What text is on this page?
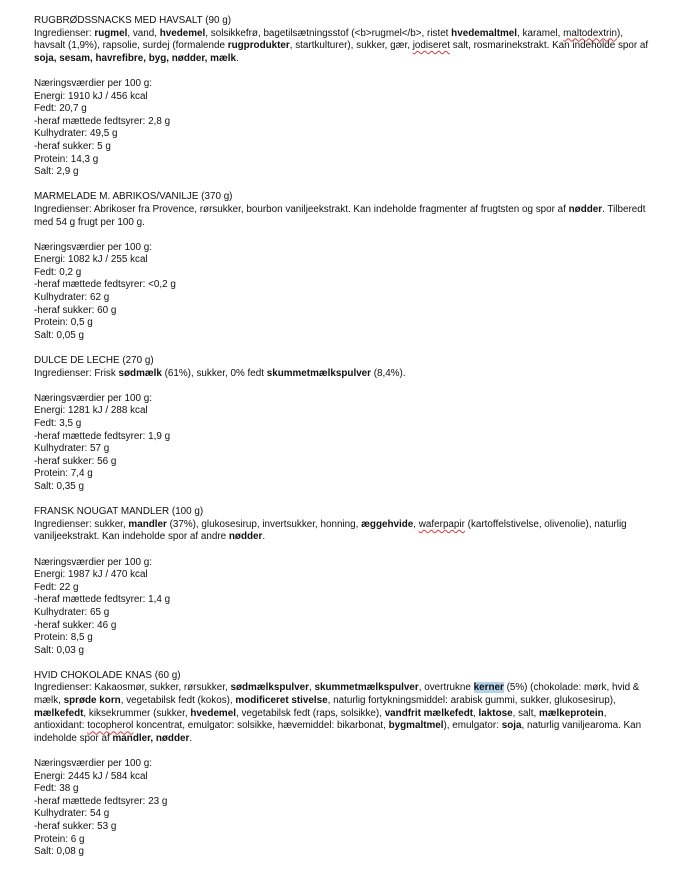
RUGBRØDSSNACKS MED HAVSALT (90 g)
Ingredienser: rugmel, vand, hvedemel, solsikkefrø, bagetilsætningsstof (<b>rugmel</b>, ristet hvedemaltmel, karamel, maltodextrin), havsalt (1,9%), rapsolie, surdej (formalende rugprodukter, startkulturer), sukker, gær, jodiseret salt, rosmarinekstrakt. Kan indeholde spor af soja, sesam, havrefibre, byg, nødder, mælk.
Næringsværdier per 100 g:
Energi: 1910 kJ / 456 kcal
Fedt: 20,7 g
-heraf mættede fedtsyrer: 2,8 g
Kulhydrater: 49,5 g
-heraf sukker: 5 g
Protein: 14,3 g
Salt: 2,9 g
MARMELADE M. ABRIKOS/VANILJE (370 g)
Ingredienser: Abrikoser fra Provence, rørsukker, bourbon vaniljeekstrakt. Kan indeholde fragmenter af frugtsten og spor af nødder. Tilberedt med 54 g frugt per 100 g.
Næringsværdier per 100 g:
Energi: 1082 kJ / 255 kcal
Fedt: 0,2 g
-heraf mættede fedtsyrer: <0,2 g
Kulhydrater: 62 g
-heraf sukker: 60 g
Protein: 0,5 g
Salt: 0,05 g
DULCE DE LECHE (270 g)
Ingredienser: Frisk sødmælk (61%), sukker, 0% fedt skummetmælkspulver (8,4%).
Næringsværdier per 100 g:
Energi: 1281 kJ / 288 kcal
Fedt: 3,5 g
-heraf mættede fedtsyrer: 1,9 g
Kulhydrater: 57 g
-heraf sukker: 56 g
Protein: 7,4 g
Salt: 0,35 g
FRANSK NOUGAT MANDLER (100 g)
Ingredienser: sukker, mandler (37%), glukosesirup, invertsukker, honning, æggehvide, waferpapir (kartoffelstivelse, olivenolie), naturlig vaniljeekstrakt. Kan indeholde spor af andre nødder.
Næringsværdier per 100 g:
Energi: 1987 kJ / 470 kcal
Fedt: 22 g
-heraf mættede fedtsyrer: 1,4 g
Kulhydrater: 65 g
-heraf sukker: 46 g
Protein: 8,5 g
Salt: 0,03 g
HVID CHOKOLADE KNAS (60 g)
Ingredienser: Kakaosmør, sukker, rørsukker, sødmælkspulver, skummetmælkspulver, overtrukne kerner (5%) (chokolade: mørk, hvid & mælk, sprøde korn, vegetabilsk fedt (kokos), modificeret stivelse, naturlig fortykningsmiddel: arabisk gummi, sukker, glukosesirup), mælkefedt, kiksekrummer (sukker, hvedemel, vegetabilsk fedt (raps, solsikke), vandfrit mælkefedt, laktose, salt, mælkeprotein, antioxidant: tocopherol koncentrat, emulgator: solsikke, hævemiddel: bikarbonat, bygmaltmel), emulgator: soja, naturlig vaniljearoma. Kan indeholde spor af mandler, nødder.
Næringsværdier per 100 g:
Energi: 2445 kJ / 584 kcal
Fedt: 38 g
-heraf mættede fedtsyrer: 23 g
Kulhydrater: 54 g
-heraf sukker: 53 g
Protein: 6 g
Salt: 0,08 g
